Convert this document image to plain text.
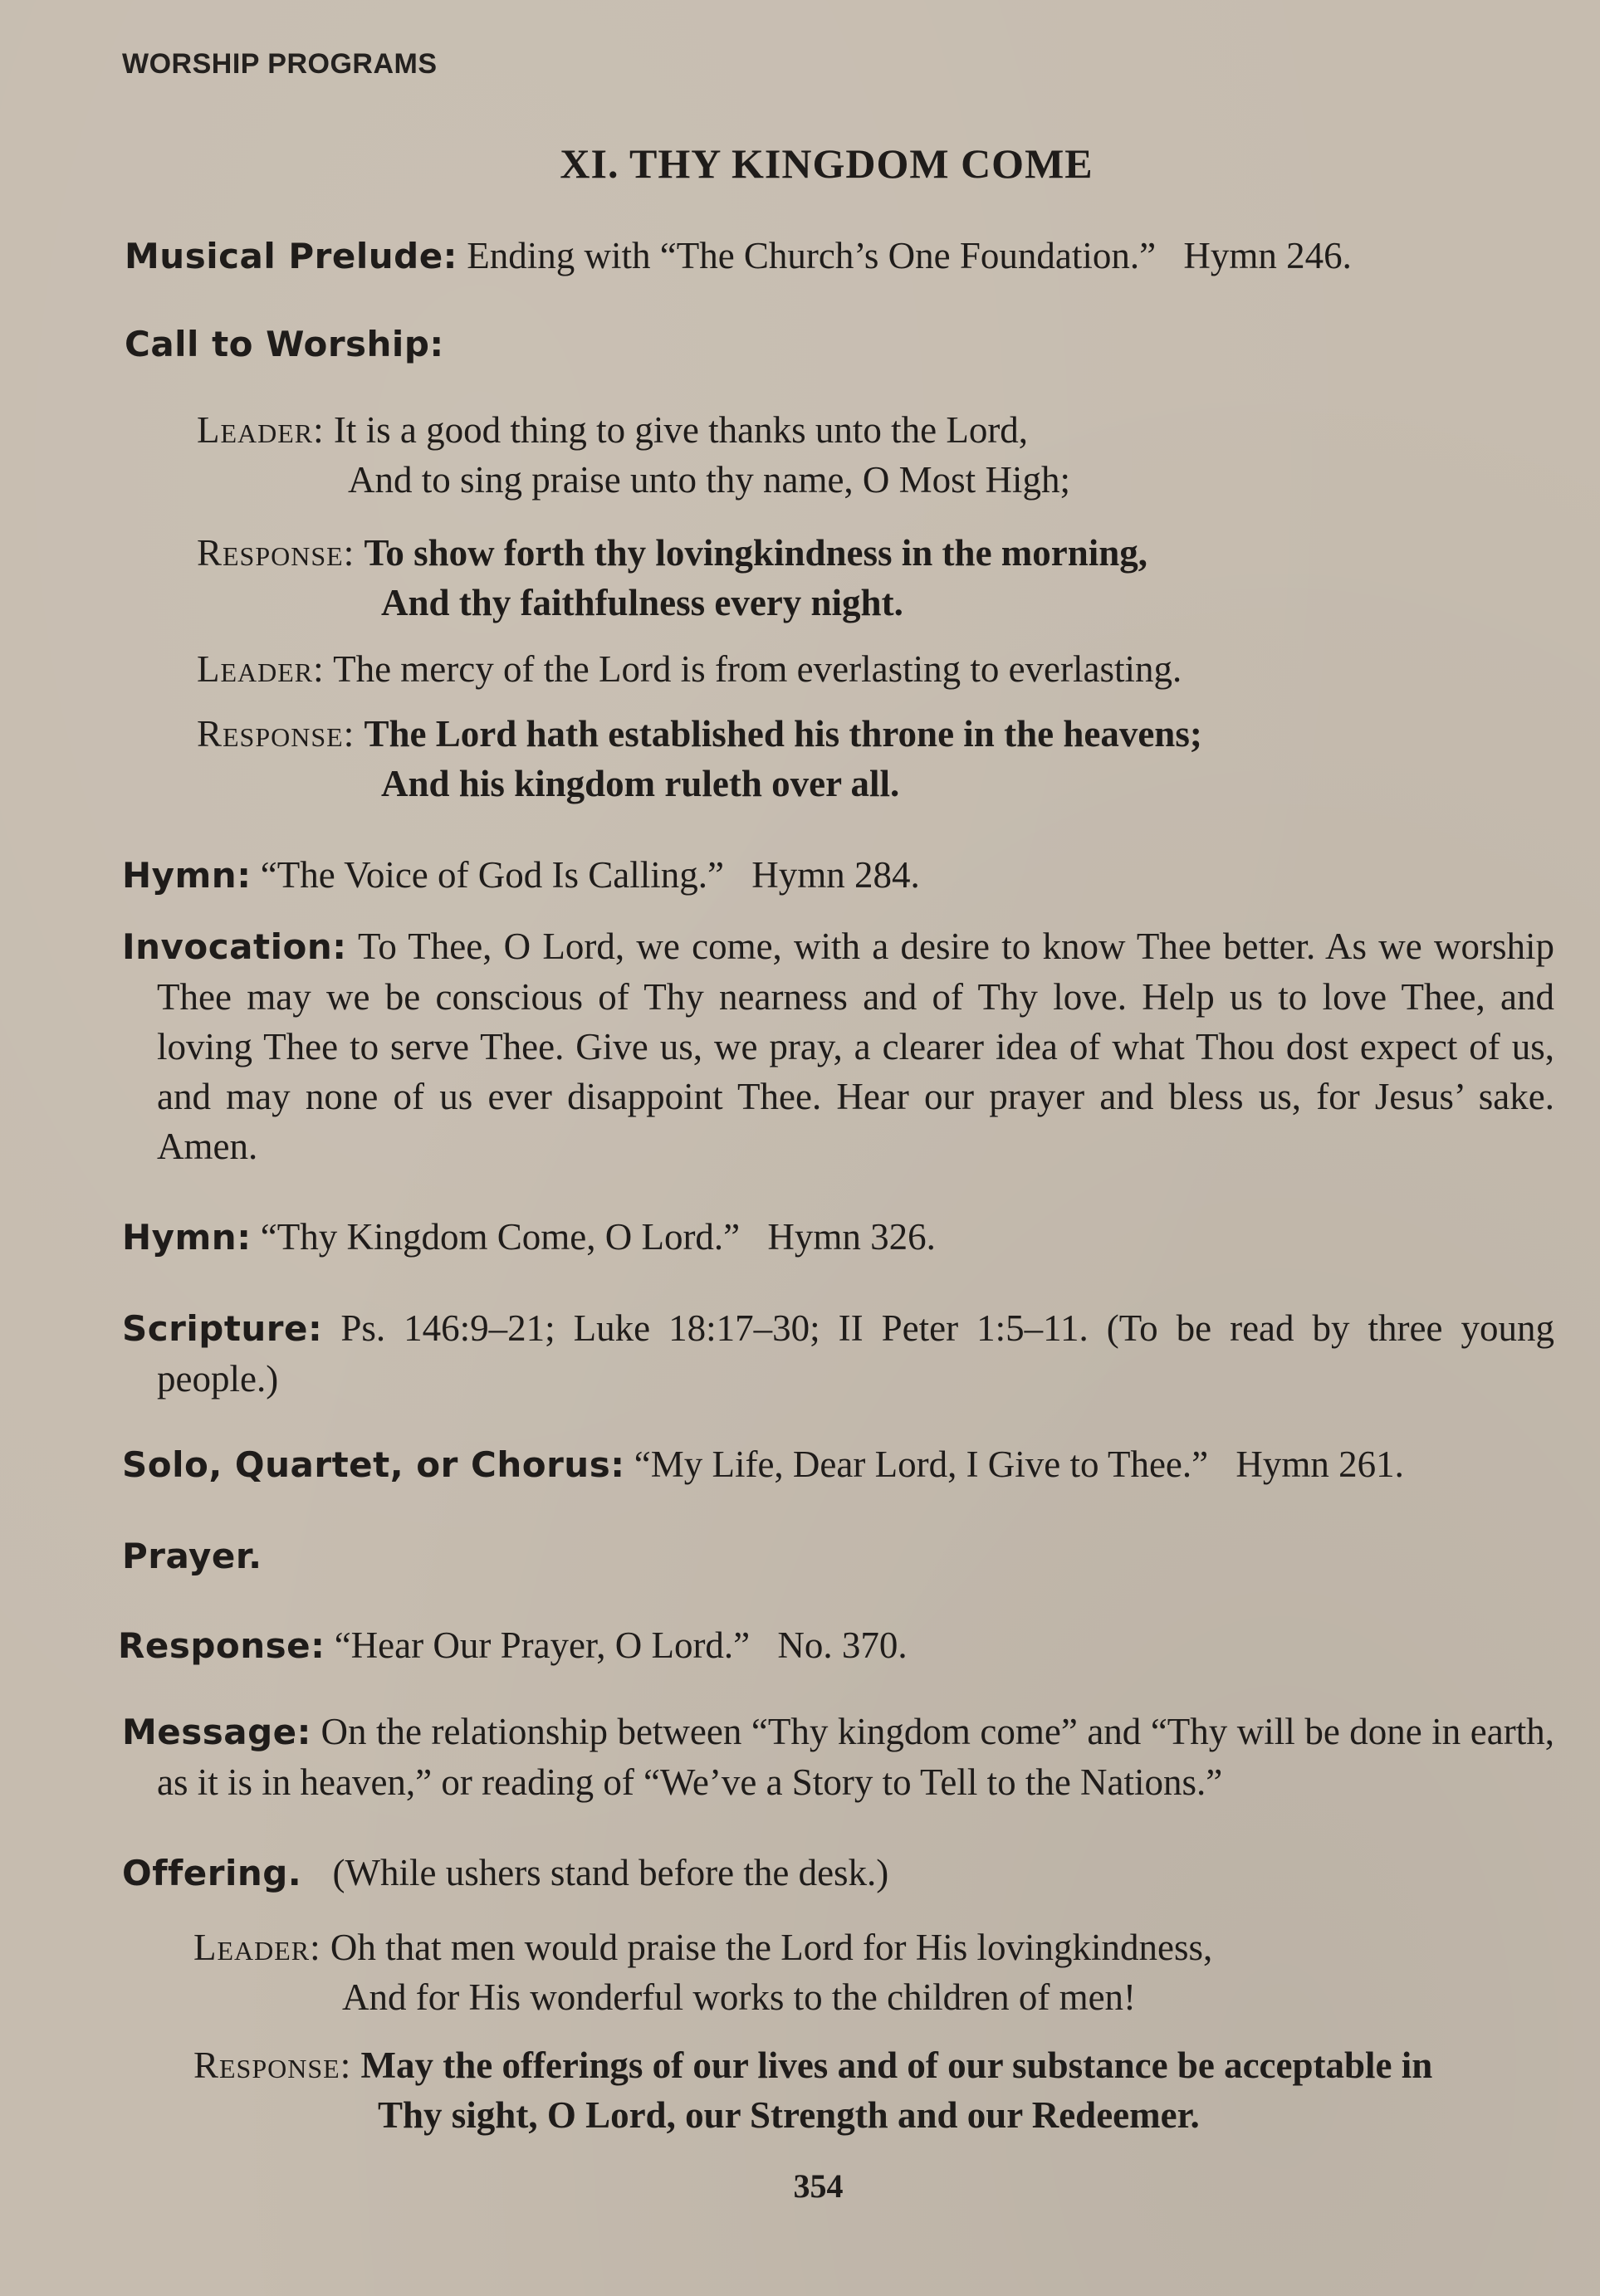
WORSHIP PROGRAMS
XI. THY KINGDOM COME
Musical Prelude: Ending with “The Church’s One Foundation.” Hymn 246.
Call to Worship:
Leader: It is a good thing to give thanks unto the Lord,
And to sing praise unto thy name, O Most High;
Response: To show forth thy lovingkindness in the morning,
And thy faithfulness every night.
Leader: The mercy of the Lord is from everlasting to everlasting.
Response: The Lord hath established his throne in the heavens;
And his kingdom ruleth over all.
Hymn: “The Voice of God Is Calling.” Hymn 284.
Invocation: To Thee, O Lord, we come, with a desire to know Thee better. As we worship Thee may we be conscious of Thy nearness and of Thy love. Help us to love Thee, and loving Thee to serve Thee. Give us, we pray, a clearer idea of what Thou dost expect of us, and may none of us ever disappoint Thee. Hear our prayer and bless us, for Jesus’ sake. Amen.
Hymn: “Thy Kingdom Come, O Lord.” Hymn 326.
Scripture: Ps. 146:9–21; Luke 18:17–30; II Peter 1:5–11. (To be read by three young people.)
Solo, Quartet, or Chorus: “My Life, Dear Lord, I Give to Thee.” Hymn 261.
Prayer.
Response: “Hear Our Prayer, O Lord.” No. 370.
Message: On the relationship between “Thy kingdom come” and “Thy will be done in earth, as it is in heaven,” or reading of “We’ve a Story to Tell to the Nations.”
Offering. (While ushers stand before the desk.)
Leader: Oh that men would praise the Lord for His lovingkindness,
And for His wonderful works to the children of men!
Response: May the offerings of our lives and of our substance be acceptable in
Thy sight, O Lord, our Strength and our Redeemer.
354
